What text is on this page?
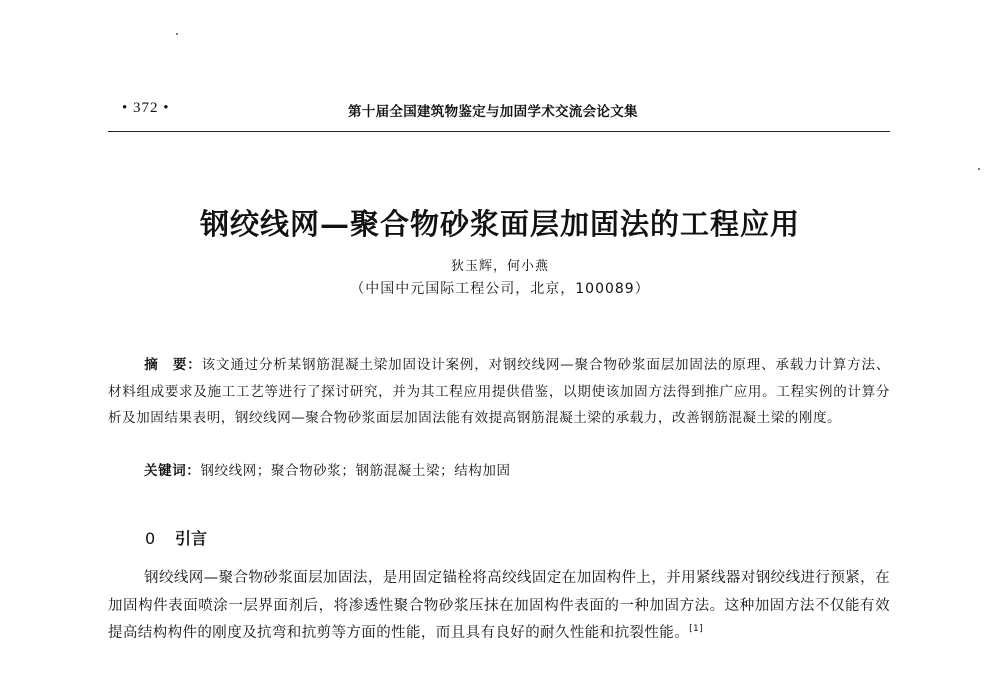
• 372 •	第十届全国建筑物鉴定与加固学术交流会论文集
钢绞线网—聚合物砂浆面层加固法的工程应用
狄玉辉，何小燕
（中国中元国际工程公司，北京，100089）
摘　要：该文通过分析某钢筋混凝土梁加固设计案例，对钢绞线网—聚合物砂浆面层加固法的原理、承载力计算方法、材料组成要求及施工工艺等进行了探讨研究，并为其工程应用提供借鉴，以期使该加固方法得到推广应用。工程实例的计算分析及加固结果表明，钢绞线网—聚合物砂浆面层加固法能有效提高钢筋混凝土梁的承载力，改善钢筋混凝土梁的刚度。
关键词：钢绞线网；聚合物砂浆；钢筋混凝土梁；结构加固
0 引言
钢绞线网—聚合物砂浆面层加固法，是用固定锚栓将高绞线固定在加固构件上，并用紧线器对钢绞线进行预紧，在加固构件表面喷涂一层界面剂后，将渗透性聚合物砂浆压抹在加固构件表面的一种加固方法。这种加固方法不仅能有效提高结构构件的刚度及抗弯和抗剪等方面的性能，而且具有良好的耐久性能和抗裂性能。[1]
